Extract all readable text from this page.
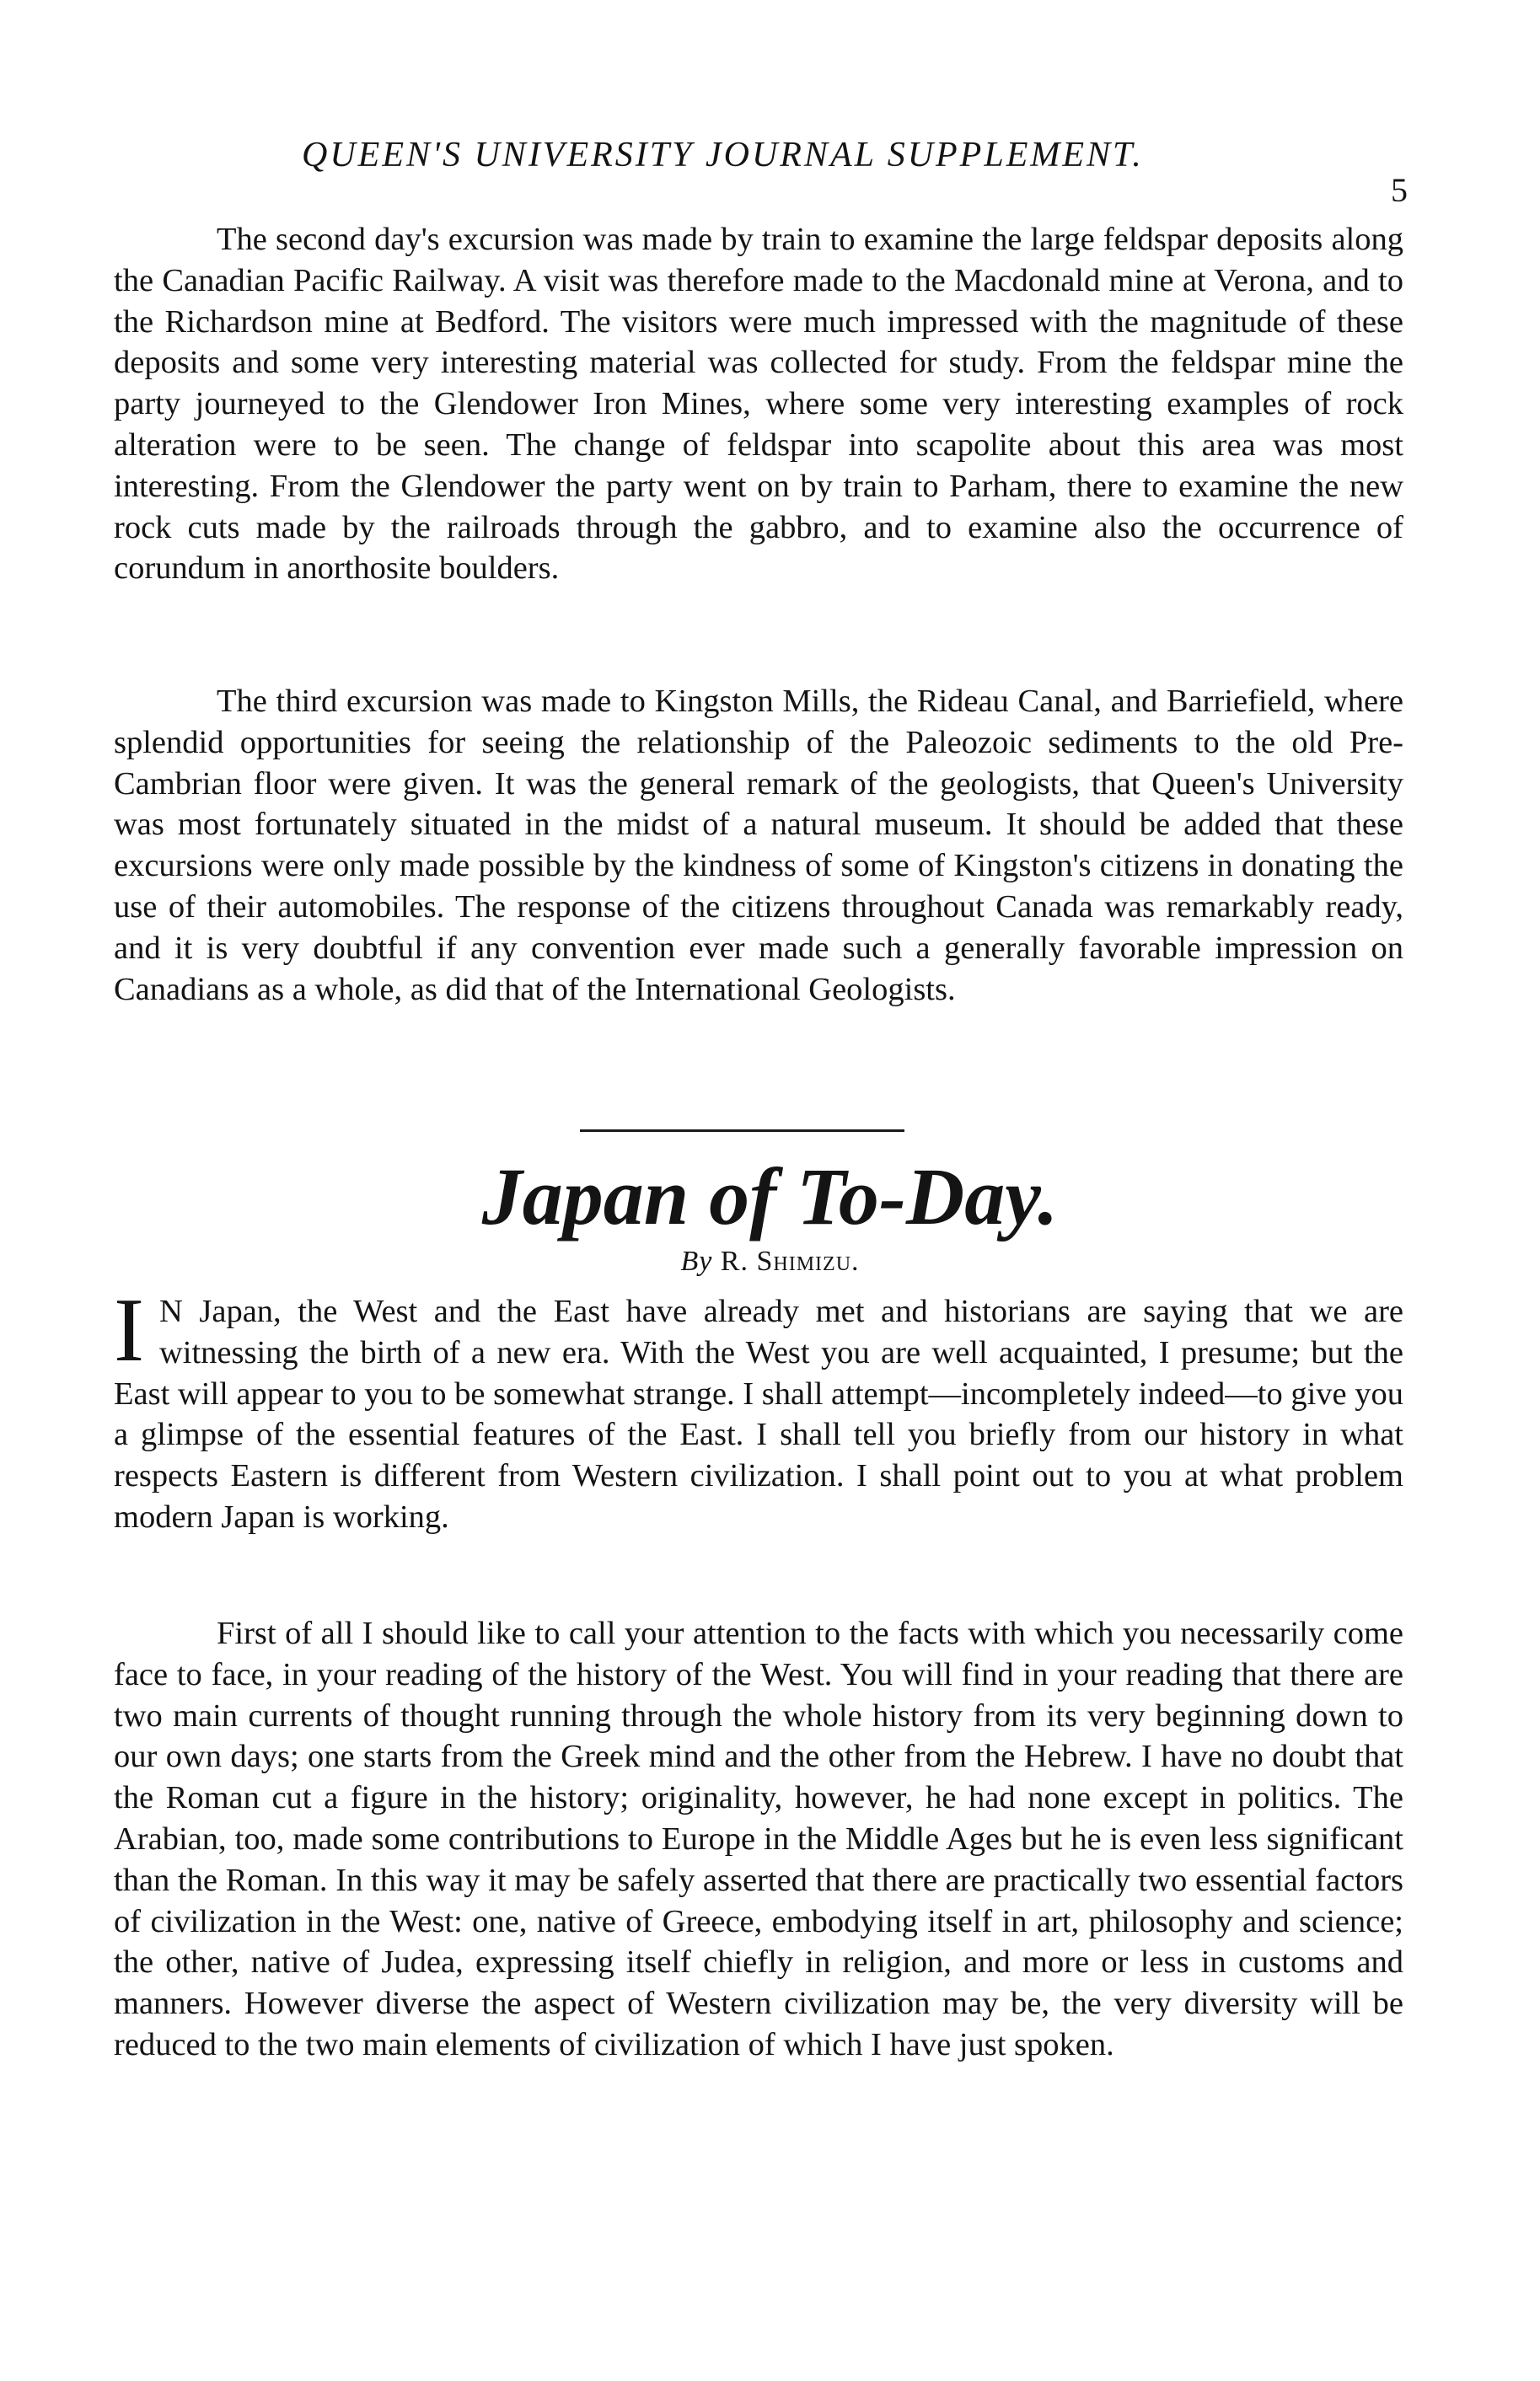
QUEEN'S UNIVERSITY JOURNAL SUPPLEMENT.
5

The second day's excursion was made by train to examine the large feldspar deposits along the Canadian Pacific Railway. A visit was therefore made to the Macdonald mine at Verona, and to the Richardson mine at Bedford. The visitors were much impressed with the magnitude of these deposits and some very interesting material was collected for study. From the feldspar mine the party journeyed to the Glendower Iron Mines, where some very interesting examples of rock alteration were to be seen. The change of feldspar into scapolite about this area was most interesting. From the Glendower the party went on by train to Parham, there to examine the new rock cuts made by the railroads through the gabbro, and to examine also the occurrence of corundum in anorthosite boulders.

The third excursion was made to Kingston Mills, the Rideau Canal, and Barriefield, where splendid opportunities for seeing the relationship of the Paleozoic sediments to the old Pre-Cambrian floor were given. It was the general remark of the geologists, that Queen's University was most fortunately situated in the midst of a natural museum. It should be added that these excursions were only made possible by the kindness of some of Kingston's citizens in donating the use of their automobiles. The response of the citizens throughout Canada was remarkably ready, and it is very doubtful if any convention ever made such a generally favorable impression on Canadians as a whole, as did that of the International Geologists.

Japan of To-Day.
By R. Shimizu.

I N Japan, the West and the East have already met and historians are saying that we are witnessing the birth of a new era. With the West you are well acquainted, I presume; but the East will appear to you to be somewhat strange. I shall attempt—incompletely indeed—to give you a glimpse of the essential features of the East. I shall tell you briefly from our history in what respects Eastern is different from Western civilization. I shall point out to you at what problem modern Japan is working.

First of all I should like to call your attention to the facts with which you necessarily come face to face, in your reading of the history of the West. You will find in your reading that there are two main currents of thought running through the whole history from its very beginning down to our own days; one starts from the Greek mind and the other from the Hebrew. I have no doubt that the Roman cut a figure in the history; originality, however, he had none except in politics. The Arabian, too, made some contributions to Europe in the Middle Ages but he is even less significant than the Roman. In this way it may be safely asserted that there are practically two essential factors of civilization in the West: one, native of Greece, embodying itself in art, philosophy and science; the other, native of Judea, expressing itself chiefly in religion, and more or less in customs and manners. However diverse the aspect of Western civilization may be, the very diversity will be reduced to the two main elements of civilization of which I have just spoken.
